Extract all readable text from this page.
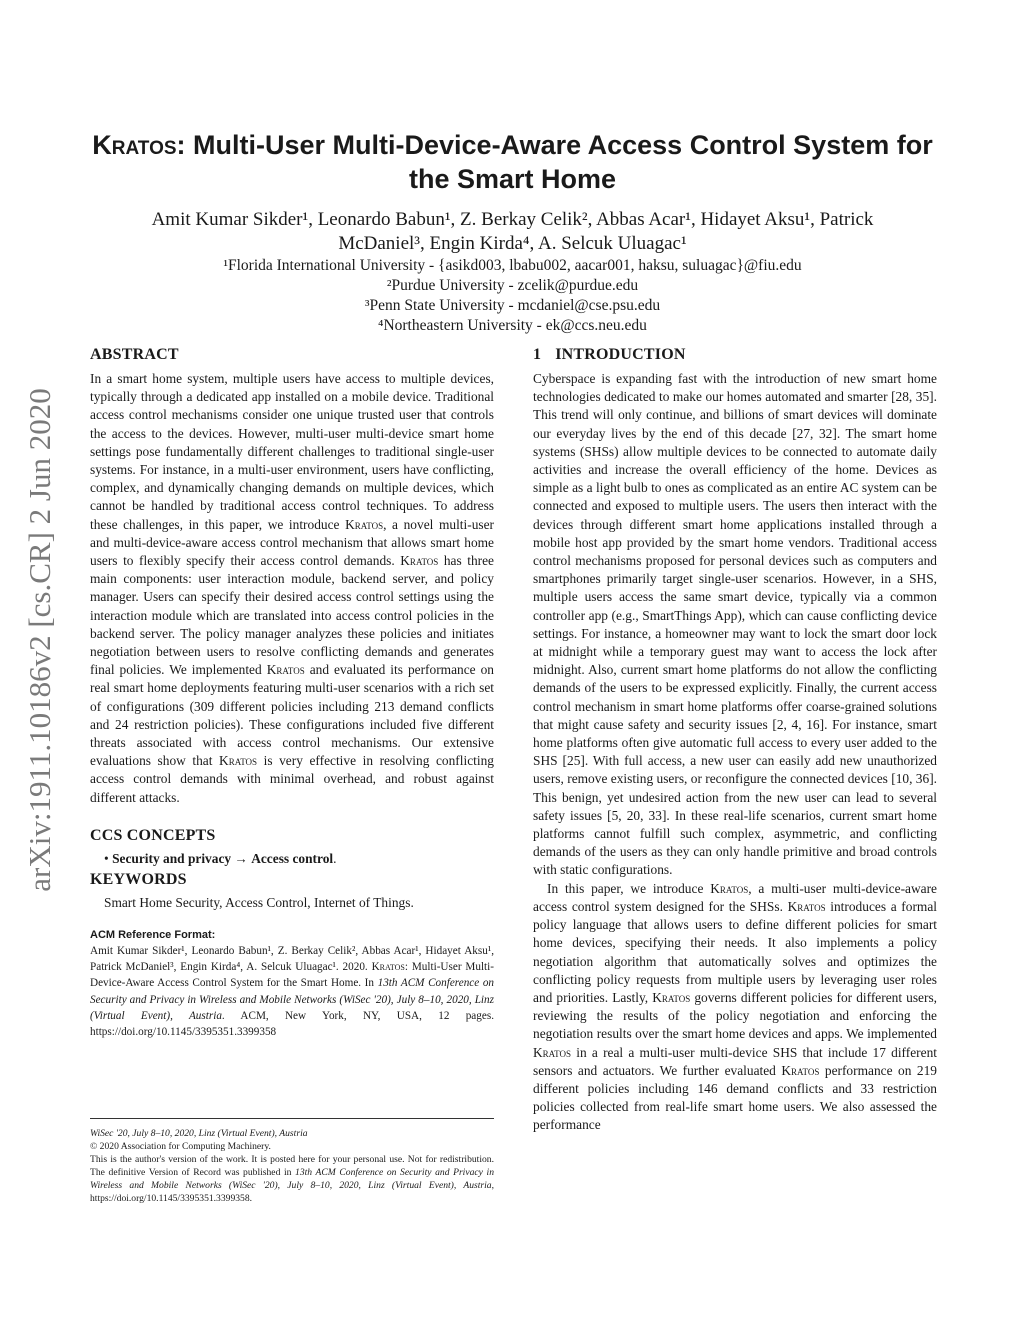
arXiv:1911.10186v2 [cs.CR] 2 Jun 2020
Kratos: Multi-User Multi-Device-Aware Access Control System for the Smart Home
Amit Kumar Sikder¹, Leonardo Babun¹, Z. Berkay Celik², Abbas Acar¹, Hidayet Aksu¹, Patrick
McDaniel³, Engin Kirda⁴, A. Selcuk Uluagac¹
¹Florida International University - {asikd003, lbabu002, aacar001, haksu, suluagac}@fiu.edu
²Purdue University - zcelik@purdue.edu
³Penn State University - mcdaniel@cse.psu.edu
⁴Northeastern University - ek@ccs.neu.edu
ABSTRACT

In a smart home system, multiple users have access to multiple devices, typically through a dedicated app installed on a mobile device. Traditional access control mechanisms consider one unique trusted user that controls the access to the devices. However, multi-user multi-device smart home settings pose fundamentally different challenges to traditional single-user systems. For instance, in a multi-user environment, users have conflicting, complex, and dynamically changing demands on multiple devices, which cannot be handled by traditional access control techniques. To address these challenges, in this paper, we introduce Kratos, a novel multi-user and multi-device-aware access control mechanism that allows smart home users to flexibly specify their access control demands. Kratos has three main components: user interaction module, backend server, and policy manager. Users can specify their desired access control settings using the interaction module which are translated into access control policies in the backend server. The policy manager analyzes these policies and initiates negotiation between users to resolve conflicting demands and generates final policies. We implemented Kratos and evaluated its performance on real smart home deployments featuring multi-user scenarios with a rich set of configurations (309 different policies including 213 demand conflicts and 24 restriction policies). These configurations included five different threats associated with access control mechanisms. Our extensive evaluations show that Kratos is very effective in resolving conflicting access control demands with minimal overhead, and robust against different attacks.

CCS CONCEPTS
• Security and privacy → Access control.
KEYWORDS
Smart Home Security, Access Control, Internet of Things.
ACM Reference Format:

Amit Kumar Sikder¹, Leonardo Babun¹, Z. Berkay Celik², Abbas Acar¹, Hidayet Aksu¹, Patrick McDaniel³, Engin Kirda⁴, A. Selcuk Uluagac¹. 2020. Kratos: Multi-User Multi-Device-Aware Access Control System for the Smart Home. In 13th ACM Conference on Security and Privacy in Wireless and Mobile Networks (WiSec '20), July 8–10, 2020, Linz (Virtual Event), Austria. ACM, New York, NY, USA, 12 pages. https://doi.org/10.1145/3395351.3399358

WiSec '20, July 8–10, 2020, Linz (Virtual Event), Austria

© 2020 Association for Computing Machinery.

This is the author's version of the work. It is posted here for your personal use. Not for redistribution. The definitive Version of Record was published in 13th ACM Conference on Security and Privacy in Wireless and Mobile Networks (WiSec '20), July 8–10, 2020, Linz (Virtual Event), Austria, https://doi.org/10.1145/3395351.3399358.

1 INTRODUCTION

Cyberspace is expanding fast with the introduction of new smart home technologies dedicated to make our homes automated and smarter [28, 35]. This trend will only continue, and billions of smart devices will dominate our everyday lives by the end of this decade [27, 32]. The smart home systems (SHSs) allow multiple devices to be connected to automate daily activities and increase the overall efficiency of the home. Devices as simple as a light bulb to ones as complicated as an entire AC system can be connected and exposed to multiple users. The users then interact with the devices through different smart home applications installed through a mobile host app provided by the smart home vendors. Traditional access control mechanisms proposed for personal devices such as computers and smartphones primarily target single-user scenarios. However, in a SHS, multiple users access the same smart device, typically via a common controller app (e.g., SmartThings App), which can cause conflicting device settings. For instance, a homeowner may want to lock the smart door lock at midnight while a temporary guest may want to access the lock after midnight. Also, current smart home platforms do not allow the conflicting demands of the users to be expressed explicitly. Finally, the current access control mechanism in smart home platforms offer coarse-grained solutions that might cause safety and security issues [2, 4, 16]. For instance, smart home platforms often give automatic full access to every user added to the SHS [25]. With full access, a new user can easily add new unauthorized users, remove existing users, or reconfigure the connected devices [10, 36]. This benign, yet undesired action from the new user can lead to several safety issues [5, 20, 33]. In these real-life scenarios, current smart home platforms cannot fulfill such complex, asymmetric, and conflicting demands of the users as they can only handle primitive and broad controls with static configurations.

In this paper, we introduce Kratos, a multi-user multi-device-aware access control system designed for the SHSs. Kratos introduces a formal policy language that allows users to define different policies for smart home devices, specifying their needs. It also implements a policy negotiation algorithm that automatically solves and optimizes the conflicting policy requests from multiple users by leveraging user roles and priorities. Lastly, Kratos governs different policies for different users, reviewing the results of the policy negotiation and enforcing the negotiation results over the smart home devices and apps. We implemented Kratos in a real a multi-user multi-device SHS that include 17 different sensors and actuators. We further evaluated Kratos performance on 219 different policies including 146 demand conflicts and 33 restriction policies collected from real-life smart home users. We also assessed the performance
